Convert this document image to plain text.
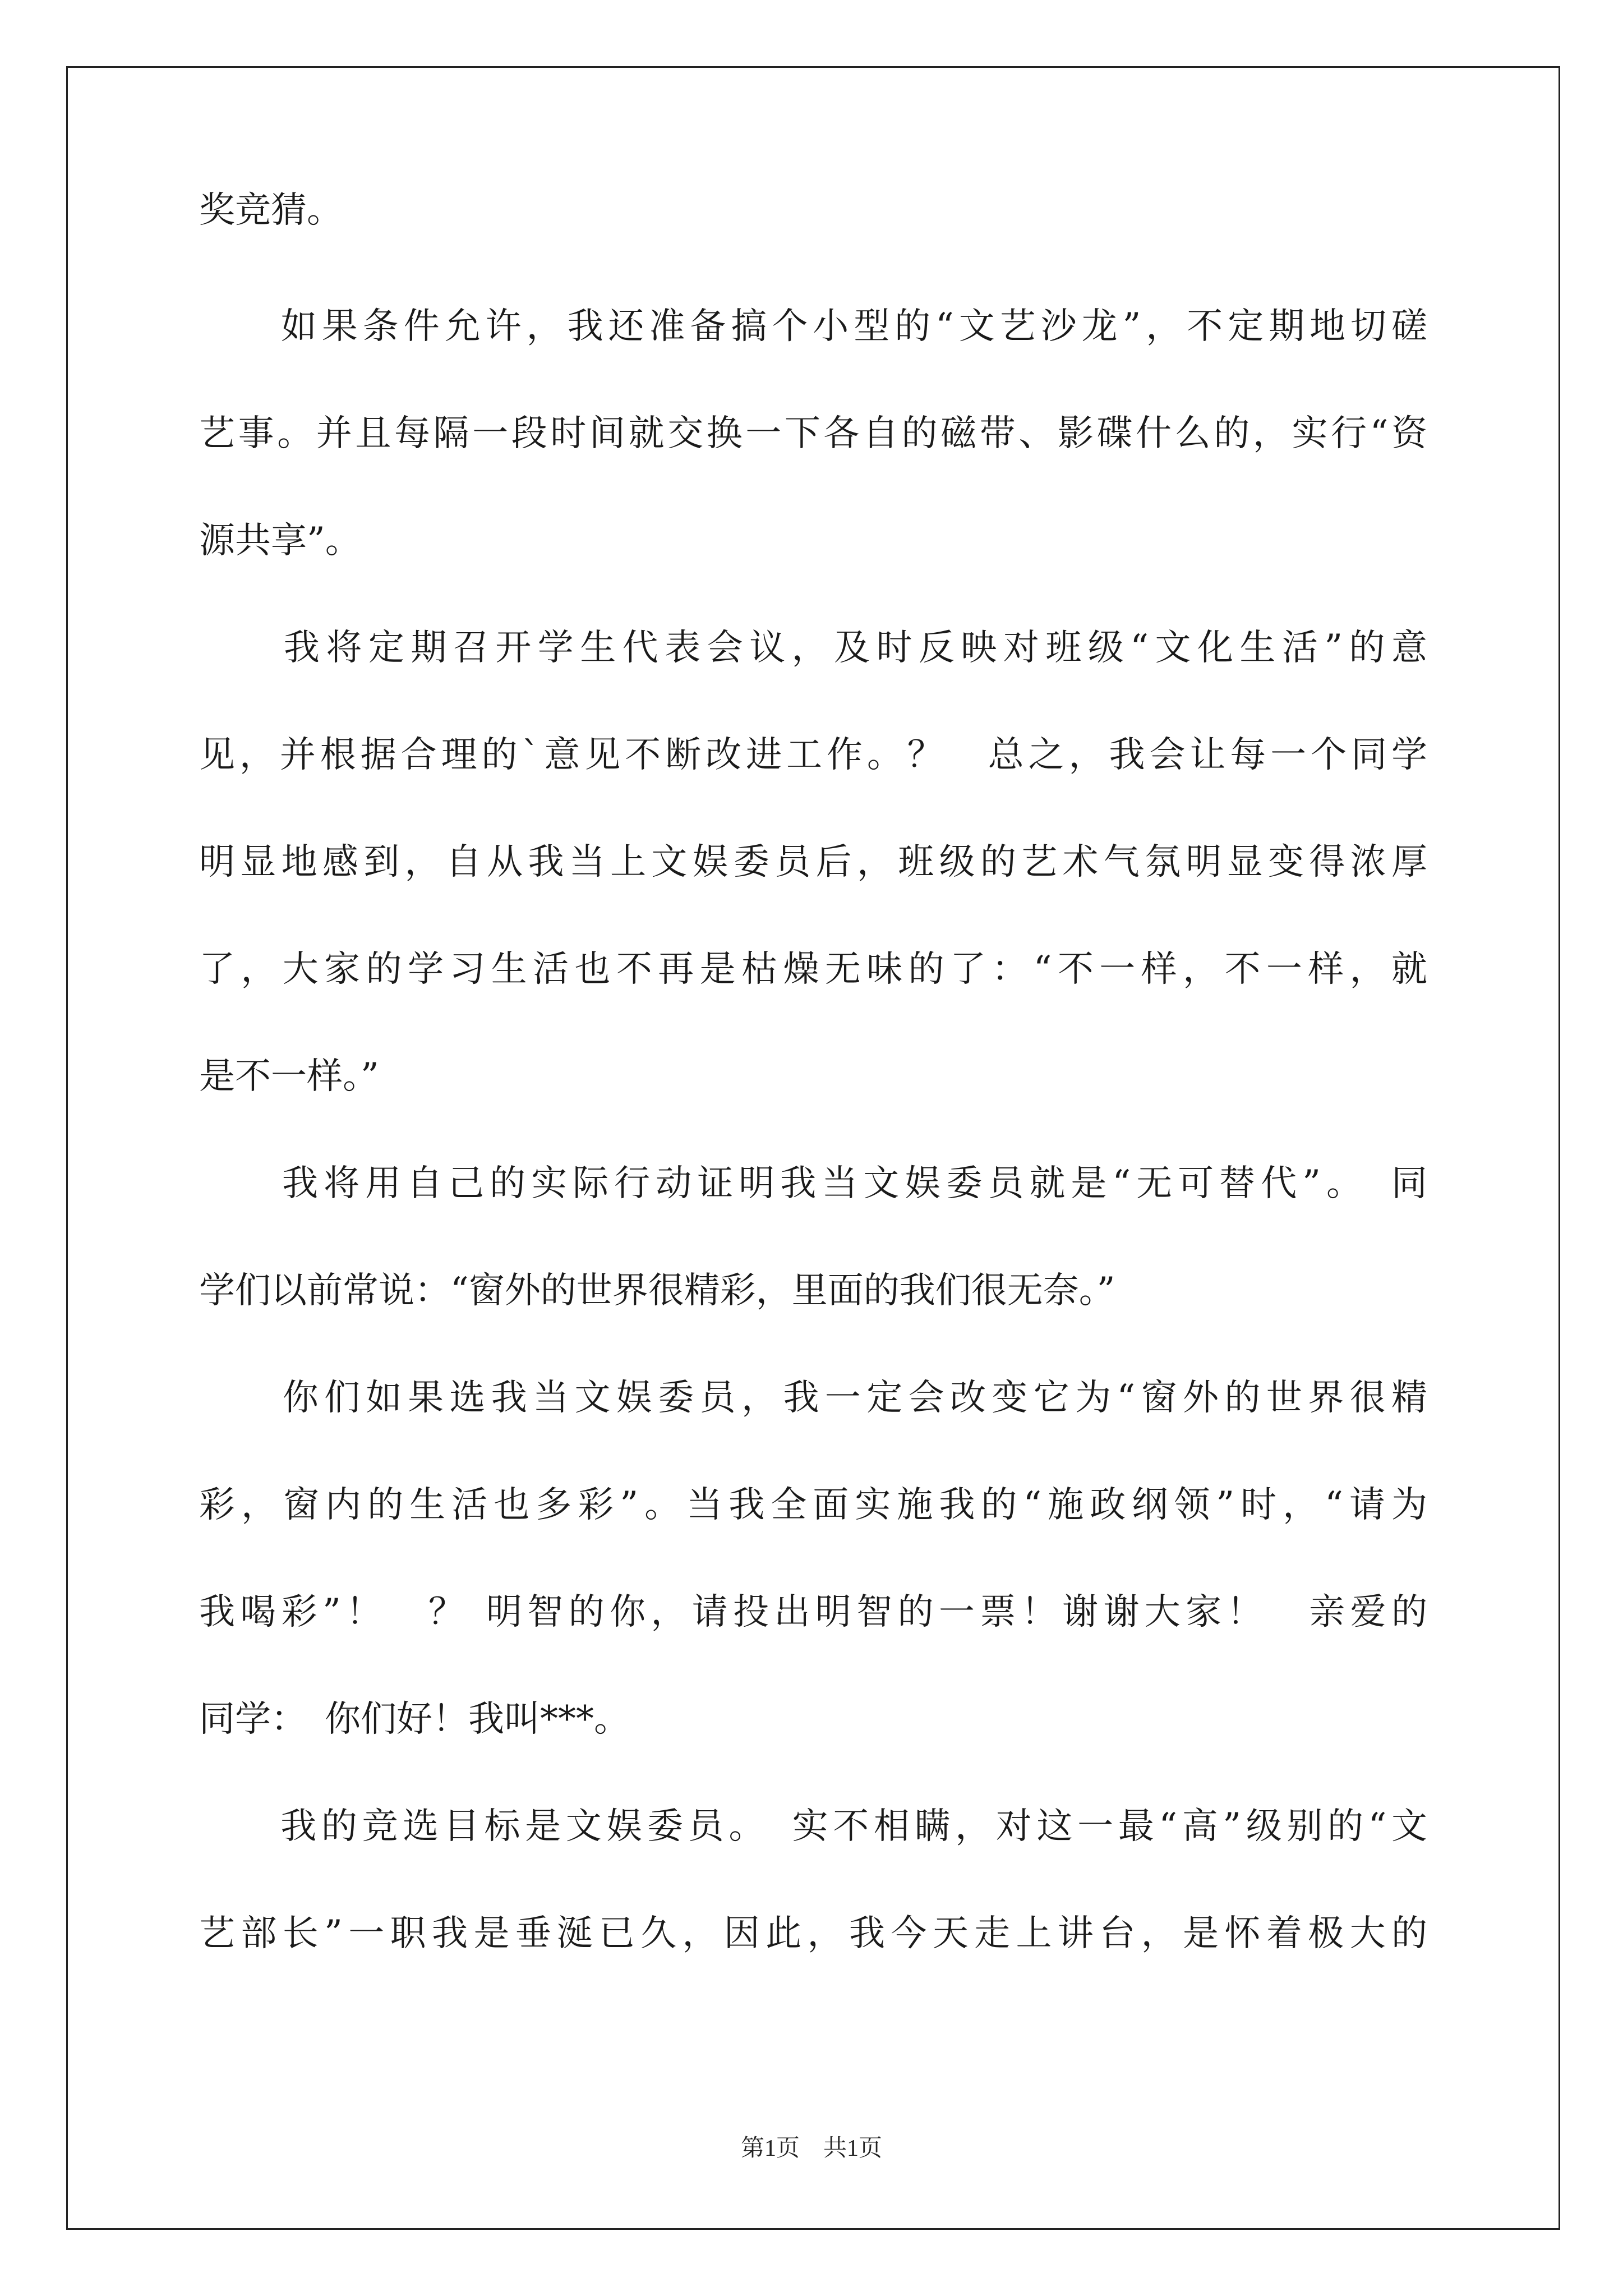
奖竞猜。
　　如果条件允许，我还准备搞个小型的“文艺沙龙”，不定期地切磋
艺事。并且每隔一段时间就交换一下各自的磁带、影碟什么的，实行“资
源共享”。
　　我将定期召开学生代表会议，及时反映对班级“文化生活”的意
见，并根据合理的`意见不断改进工作。？　总之，我会让每一个同学
明显地感到，自从我当上文娱委员后，班级的艺术气氛明显变得浓厚
了，大家的学习生活也不再是枯燥无味的了：“不一样，不一样，就
是不一样。”
　　我将用自己的实际行动证明我当文娱委员就是“无可替代”。　同
学们以前常说：“窗外的世界很精彩，里面的我们很无奈。”
　　你们如果选我当文娱委员，我一定会改变它为“窗外的世界很精
彩，窗内的生活也多彩”。当我全面实施我的“施政纲领”时，“请为
我喝彩”！　？ 明智的你，请投出明智的一票！谢谢大家！　亲爱的
同学：　你们好！我叫***。
　　我的竞选目标是文娱委员。　实不相瞒，对这一最“高”级别的“文
艺部长”一职我是垂涎已久，因此，我今天走上讲台，是怀着极大的
第1页　共1页
